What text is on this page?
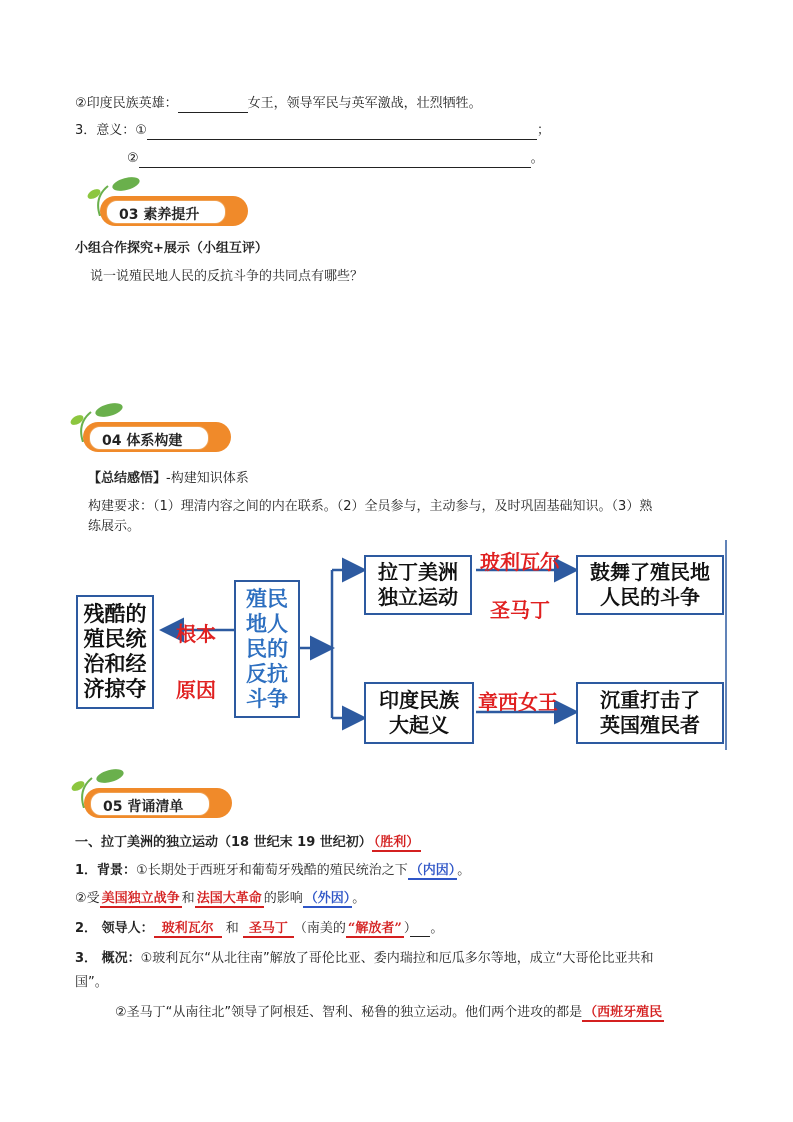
②印度民族英雄：	女王，领导军民与英军激战，壮烈牺牲。
3．意义：①	；
②	。
03 素养提升
小组合作探究+展示（小组互评）
说一说殖民地人民的反抗斗争的共同点有哪些？
04 体系构建
【总结感悟】-构建知识体系
构建要求：（1）理清内容之间的内在联系。（2）全员参与，主动参与，及时巩固基础知识。（3）熟
练展示。
残酷的
殖民统
治和经
济掠夺
根本
原因
殖民
地人
民的
反抗
斗争
拉丁美洲
独立运动
印度民族
大起义
玻利瓦尔
圣马丁
章西女王
鼓舞了殖民地
人民的斗争
沉重打击了
英国殖民者
05 背诵清单
一、拉丁美洲的独立运动（18 世纪末 19 世纪初） （胜利）
1．背景：①长期处于西班牙和葡萄牙残酷的殖民统治之下 （内因） 。
②受 美国独立战争 和 法国大革命 的影响 （外因） 。
2． 领导人： 玻利瓦尔 和 圣马丁 （南美的 “解放者” ） 。
3． 概况：①玻利瓦尔“从北往南”解放了哥伦比亚、委内瑞拉和厄瓜多尔等地，成立“大哥伦比亚共和
国”。
②圣马丁“从南往北”领导了阿根廷、智利、秘鲁的独立运动。他们两个进攻的都是 （西班牙殖民
